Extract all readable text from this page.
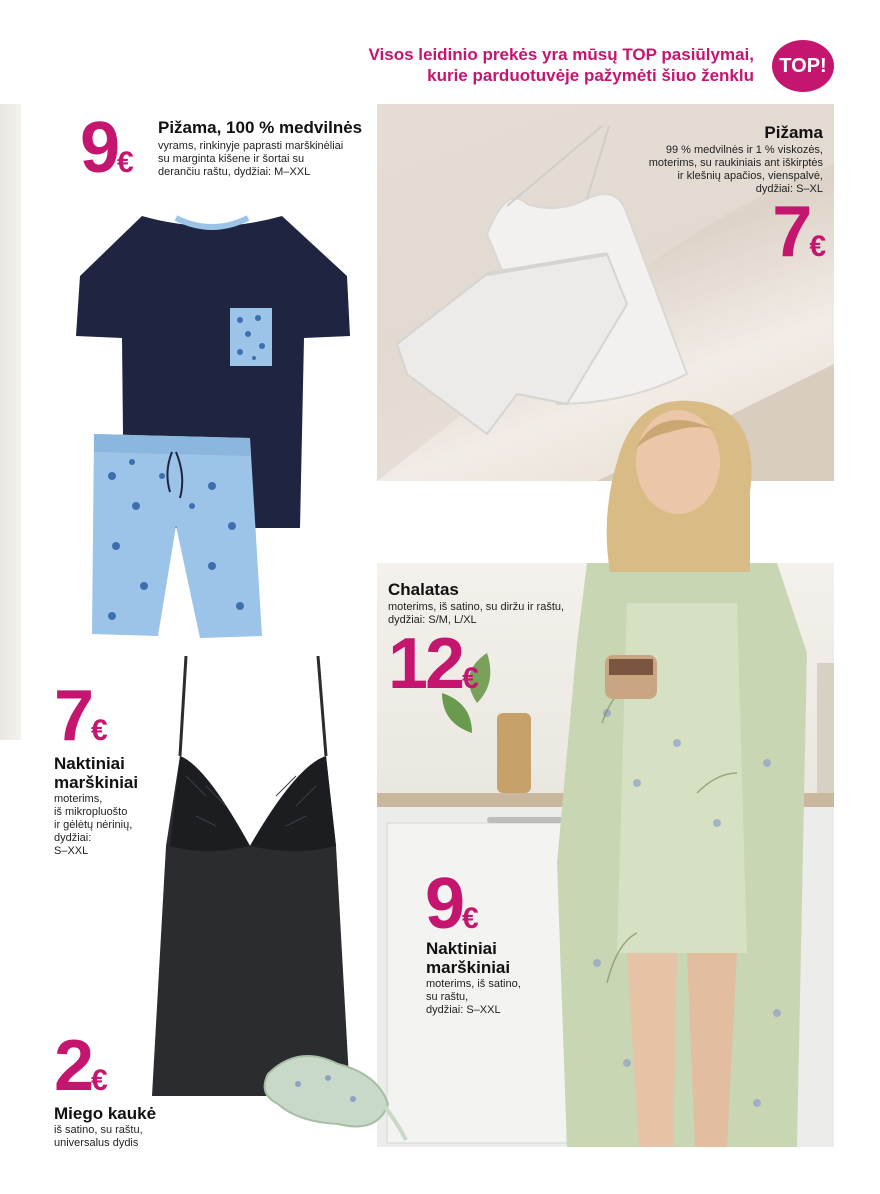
Visos leidinio prekės yra mūsų TOP pasiūlymai,
kurie parduotuvėje pažymėti šiuo ženklu TOP!
9€
Pižama, 100 % medvilnės
vyrams, rinkinyje paprasti marškinėliai
su marginta kišene ir šortai su
derančiu raštu, dydžiai: M–XXL
Pižama
99 % medvilnės ir 1 % viskozės,
moterims, su raukiniais ant iškirptės
ir klešnių apačios, vienspalvė,
dydžiai: S–XL
7€
Chalatas
moterims, iš satino, su diržu ir raštu,
dydžiai: S/M, L/XL
12€
7€
Naktiniai
marškiniai
moterims,
iš mikropluošto
ir gėlėtų nėrinių,
dydžiai:
S–XXL
9€
Naktiniai
marškiniai
moterims, iš satino,
su raštu,
dydžiai: S–XXL
2€
Miego kaukė
iš satino, su raštu,
universalus dydis
